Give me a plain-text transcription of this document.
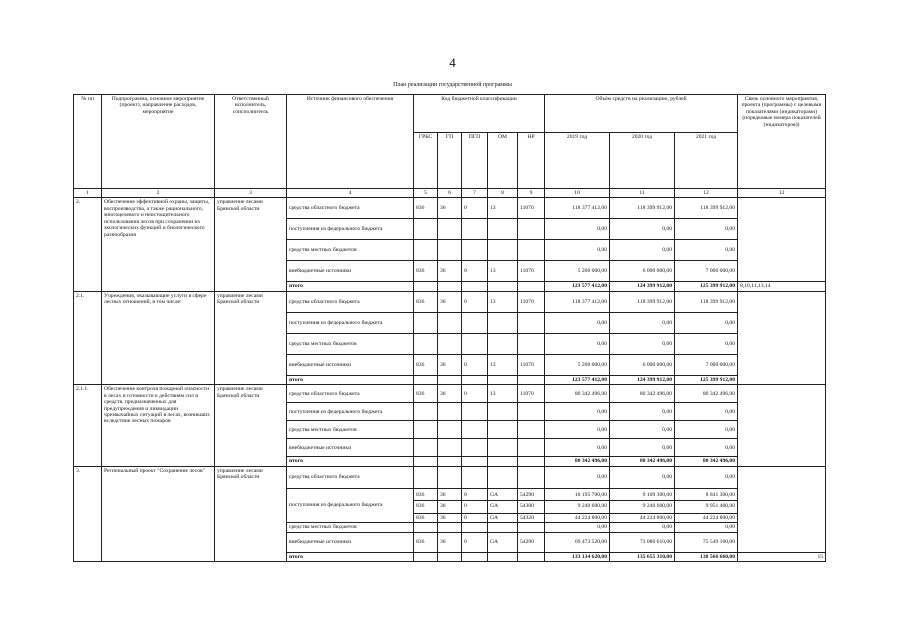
4
План реализации государственной программы
№ пп	Подпрограмма, основное мероприятие (проект), направление расходов, мероприятие	Ответственный исполнитель, соисполнитель	Источник финансового обеспечения	Код бюджетной классификации					Объём средств на реализацию, рублей			Связь основного мероприятия, проекта (программы) с целевыми показателями (индикаторами) (порядковые номера показателей (индикаторов))
				ГРБС	ГП	ПГП	ОМ	НР	2019 год	2020 год	2021 год	
1	2	3	4	5	6	7	8	9	10	11	12	13
2.	Обеспечение эффективной охраны, защиты, воспроизводства, а также рационального, многоцелевого и неистощительного использования лесов при сохранении их экологических функций и биологического разнообразия	управление лесами Брянской области	средства областного бюджета	836	36	0	13	11070	118 377 412,00	118 399 912,00	118 399 912,00	
			поступления из федерального бюджета						0,00	0,00	0,00	
			средства местных бюджетов						0,00	0,00	0,00	
			внебюджетные источники	836	36	0	13	11070	5 200 000,00	6 000 000,00	7 000 000,00	
			итого						123 577 412,00	124 399 912,00	125 399 912,00	8,10,11,13,14
2.1.	Учреждения, оказывающие услуги в сфере лесных отношений, в том числе:	управление лесами Брянской области	средства областного бюджета	836	36	0	13	11070	118 377 412,00	118 399 912,00	118 399 912,00	
			поступления из федерального бюджета						0,00	0,00	0,00	
			средства местных бюджетов						0,00	0,00	0,00	
			внебюджетные источники	836	36	0	13	11070	5 200 000,00	6 000 000,00	7 000 000,00	
			итого						123 577 412,00	124 399 912,00	125 399 912,00	
2.1.1.	Обеспечение контроля пожарной опасности в лесах и готовности к действиям сил и средств, предназначенных для предупреждения и ликвидации чрезвычайных ситуаций в лесах, возникших вследствие лесных пожаров	управление лесами Брянской области	средства областного бюджета	836	36	0	13	11070	80 342 496,00	80 342 496,00	80 342 496,00	
			поступления из федерального бюджета						0,00	0,00	0,00	
			средства местных бюджетов						0,00	0,00	0,00	
			внебюджетные источники						0,00	0,00	0,00	
			итого						80 342 496,00	80 342 496,00	80 342 496,00	
3.	Региональный проект "Сохранение лесов"	управление лесами Брянской области	средства областного бюджета						0,00	0,00	0,00	
			поступления из федерального бюджета	836	36	0	GA	54290	10 195 700,00	9 109 300,00	8 841 300,00	
				836	36	0	GA	54300	9 240 600,00	9 240 600,00	9 951 400,00	
				836	36	0	GA	54320	44 224 800,00	44 224 800,00	44 224 800,00	
			средства местных бюджетов						0,00	0,00	0,00	
			внебюджетные источники	836	36	0	GA	54290	69 473 520,00	73 080 610,00	75 549 160,00	
			итого						133 134 620,00	135 655 310,00	138 566 660,00	15
